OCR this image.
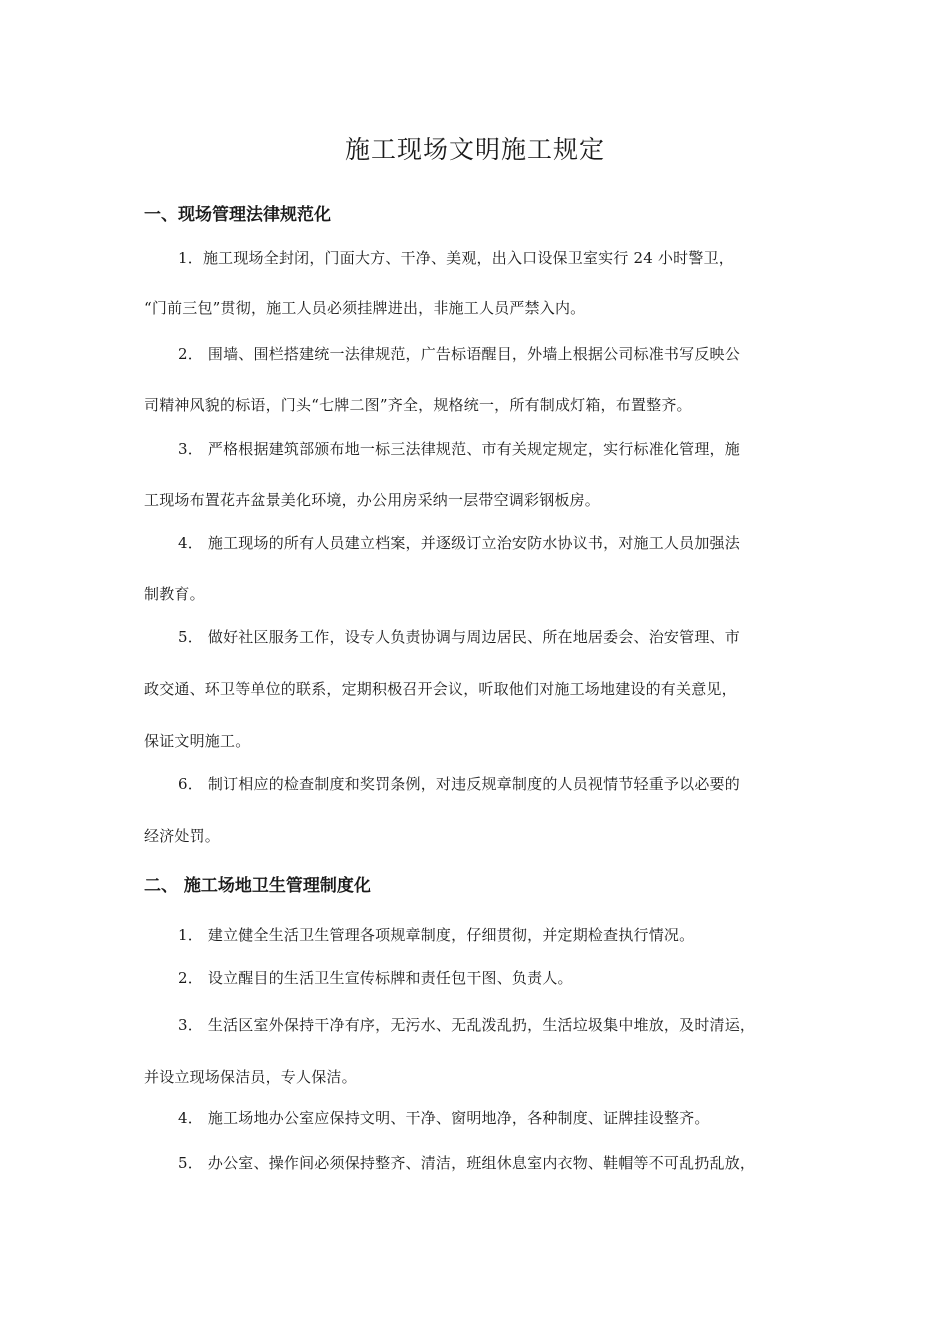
施工现场文明施工规定
一、现场管理法律规范化
1．施工现场全封闭，门面大方、干净、美观，出入口设保卫室实行 24 小时警卫，
“门前三包”贯彻，施工人员必须挂牌进出，非施工人员严禁入内。
2． 围墙、围栏搭建统一法律规范，广告标语醒目，外墙上根据公司标准书写反映公
司精神风貌的标语，门头“七牌二图”齐全，规格统一，所有制成灯箱，布置整齐。
3． 严格根据建筑部颁布地一标三法律规范、市有关规定规定，实行标准化管理，施
工现场布置花卉盆景美化环境，办公用房采纳一层带空调彩钢板房。
4． 施工现场的所有人员建立档案，并逐级订立治安防水协议书，对施工人员加强法
制教育。
5． 做好社区服务工作，设专人负责协调与周边居民、所在地居委会、治安管理、市
政交通、环卫等单位的联系，定期积极召开会议，听取他们对施工场地建设的有关意见，
保证文明施工。
6． 制订相应的检查制度和奖罚条例，对违反规章制度的人员视情节轻重予以必要的
经济处罚。
二、 施工场地卫生管理制度化
1． 建立健全生活卫生管理各项规章制度，仔细贯彻，并定期检查执行情况。
2． 设立醒目的生活卫生宣传标牌和责任包干图、负责人。
3． 生活区室外保持干净有序，无污水、无乱泼乱扔，生活垃圾集中堆放，及时清运，
并设立现场保洁员，专人保洁。
4． 施工场地办公室应保持文明、干净、窗明地净，各种制度、证牌挂设整齐。
5． 办公室、操作间必须保持整齐、清洁，班组休息室内衣物、鞋帽等不可乱扔乱放，
